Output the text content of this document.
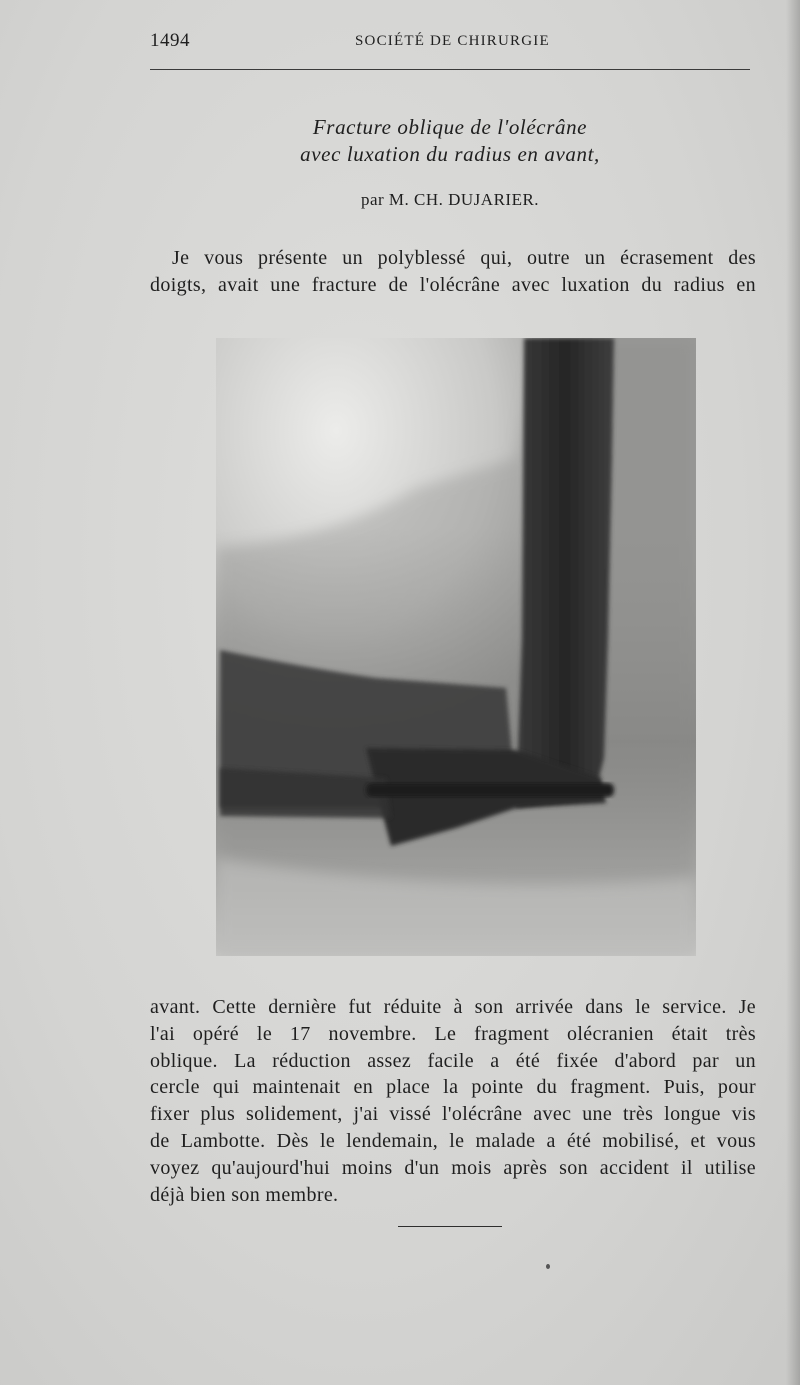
1494	SOCIÉTÉ DE CHIRURGIE
Fracture oblique de l'olécrâne
avec luxation du radius en avant,
par M. CH. DUJARIER.
Je vous présente un polyblessé qui, outre un écrasement des
doigts, avait une fracture de l'olécrâne avec luxation du radius en
avant. Cette dernière fut réduite à son arrivée dans le service. Je
l'ai opéré le 17 novembre. Le fragment olécranien était très
oblique. La réduction assez facile a été fixée d'abord par un
cercle qui maintenait en place la pointe du fragment. Puis, pour
fixer plus solidement, j'ai vissé l'olécrâne avec une très longue vis
de Lambotte. Dès le lendemain, le malade a été mobilisé, et vous
voyez qu'aujourd'hui moins d'un mois après son accident il utilise
déjà bien son membre.
